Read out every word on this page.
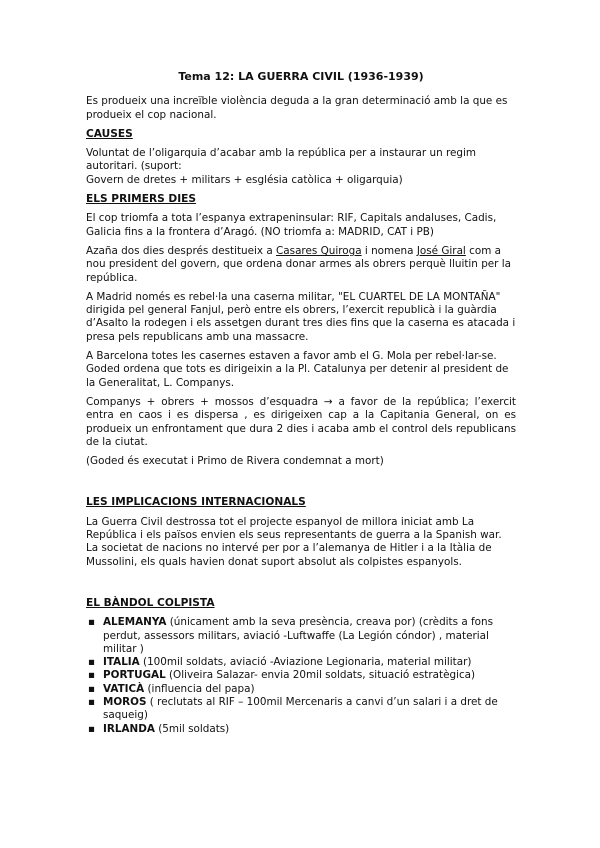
Tema 12: LA GUERRA CIVIL (1936-1939)

Es produeix una increïble violència deguda a la gran determinació amb la que es produeix el cop nacional.

CAUSES

Voluntat de l’oligarquia d’acabar amb la república per a instaurar un regim autoritari. (suport:
Govern de dretes + militars + església catòlica + oligarquia)

ELS PRIMERS DIES

El cop triomfa a tota l’espanya extrapeninsular: RIF, Capitals andaluses, Cadis, Galicia fins a la frontera d’Aragó. (NO triomfa a: MADRID, CAT i PB)

Azaña dos dies després destitueix a Casares Quiroga i nomena José Giral com a nou president del govern, que ordena donar armes als obrers perquè lluitin per la república.

A Madrid només es rebel·la una caserna militar, "EL CUARTEL DE LA MONTAÑA" dirigida pel general Fanjul, però entre els obrers, l’exercit republicà i la guàrdia d’Asalto la rodegen i els assetgen durant tres dies fins que la caserna es atacada i presa pels republicans amb una massacre.

A Barcelona totes les casernes estaven a favor amb el G. Mola per rebel·lar-se. Goded ordena que tots es dirigeixin a la Pl. Catalunya per detenir al president de la Generalitat, L. Companys.

Companys + obrers + mossos d’esquadra → a favor de la república; l’exercit entra en caos i es dispersa , es dirigeixen cap a la Capitania General, on es produeix un enfrontament que dura 2 dies i acaba amb el control dels republicans de la ciutat.

(Goded és executat i Primo de Rivera condemnat a mort)

LES IMPLICACIONS INTERNACIONALS

La Guerra Civil destrossa tot el projecte espanyol de millora iniciat amb La República i els països envien els seus representants de guerra a la Spanish war. La societat de nacions no intervé per por a l’alemanya de Hitler i a la Itàlia de Mussolini, els quals havien donat suport absolut als colpistes espanyols.

EL BÀNDOL COLPISTA
▪ ALEMANYA (únicament amb la seva presència, creava por) (crèdits a fons perdut, assessors militars, aviació -Luftwaffe (La Legión cóndor) , material militar )
▪ ITALIA (100mil soldats, aviació -Aviazione Legionaria, material militar)
▪ PORTUGAL (Oliveira Salazar- envia 20mil soldats, situació estratègica)
▪ VATICÀ (influencia del papa)
▪ MOROS ( reclutats al RIF – 100mil Mercenaris a canvi d’un salari i a dret de saqueig)
▪ IRLANDA (5mil soldats)
